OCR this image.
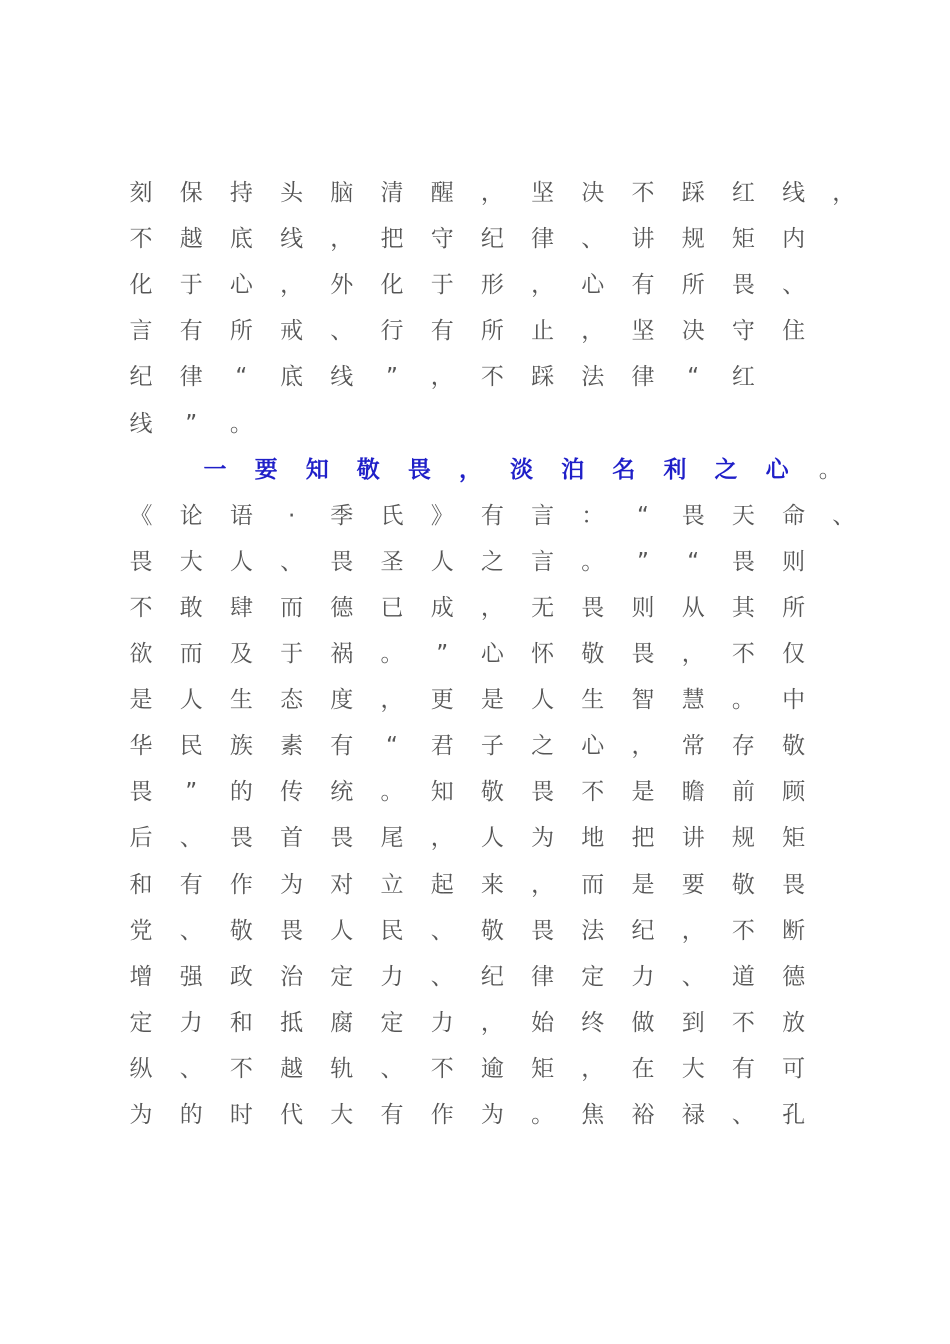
刻 保 持 头 脑 清 醒 ， 坚 决 不 踩 红 线 ，
不 越 底 线 ， 把 守 纪 律 、 讲 规 矩 内
化 于 心 ， 外 化 于 形 ， 心 有 所 畏 、
言 有 所 戒 、 行 有 所 止 ， 坚 决 守 住
纪 律	“	底 线	”	， 不 踩 法 律	“	红
线	”	。
一 要 知 敬 畏 ， 淡 泊 名 利 之 心 。
《 论 语	·	季 氏 》 有 言 ：	“	畏 天 命 、
畏 大 人 、 畏 圣 人 之 言 。	”	“	畏 则
不 敢 肆 而 德 已 成 ， 无 畏 则 从 其 所
欲 而 及 于 祸 。	”	心 怀 敬 畏 ， 不 仅
是 人 生 态 度 ， 更 是 人 生 智 慧 。 中
华 民 族 素 有	“	君 子 之 心 ， 常 存 敬
畏	”	的 传 统 。 知 敬 畏 不 是 瞻 前 顾
后 、 畏 首 畏 尾 ， 人 为 地 把 讲 规 矩
和 有 作 为 对 立 起 来 ， 而 是 要 敬 畏
党 、 敬 畏 人 民 、 敬 畏 法 纪 ， 不 断
增 强 政 治 定 力 、 纪 律 定 力 、 道 德
定 力 和 抵 腐 定 力 ， 始 终 做 到 不 放
纵 、 不 越 轨 、 不 逾 矩 ， 在 大 有 可
为 的 时 代 大 有 作 为 。 焦 裕 禄 、 孔
